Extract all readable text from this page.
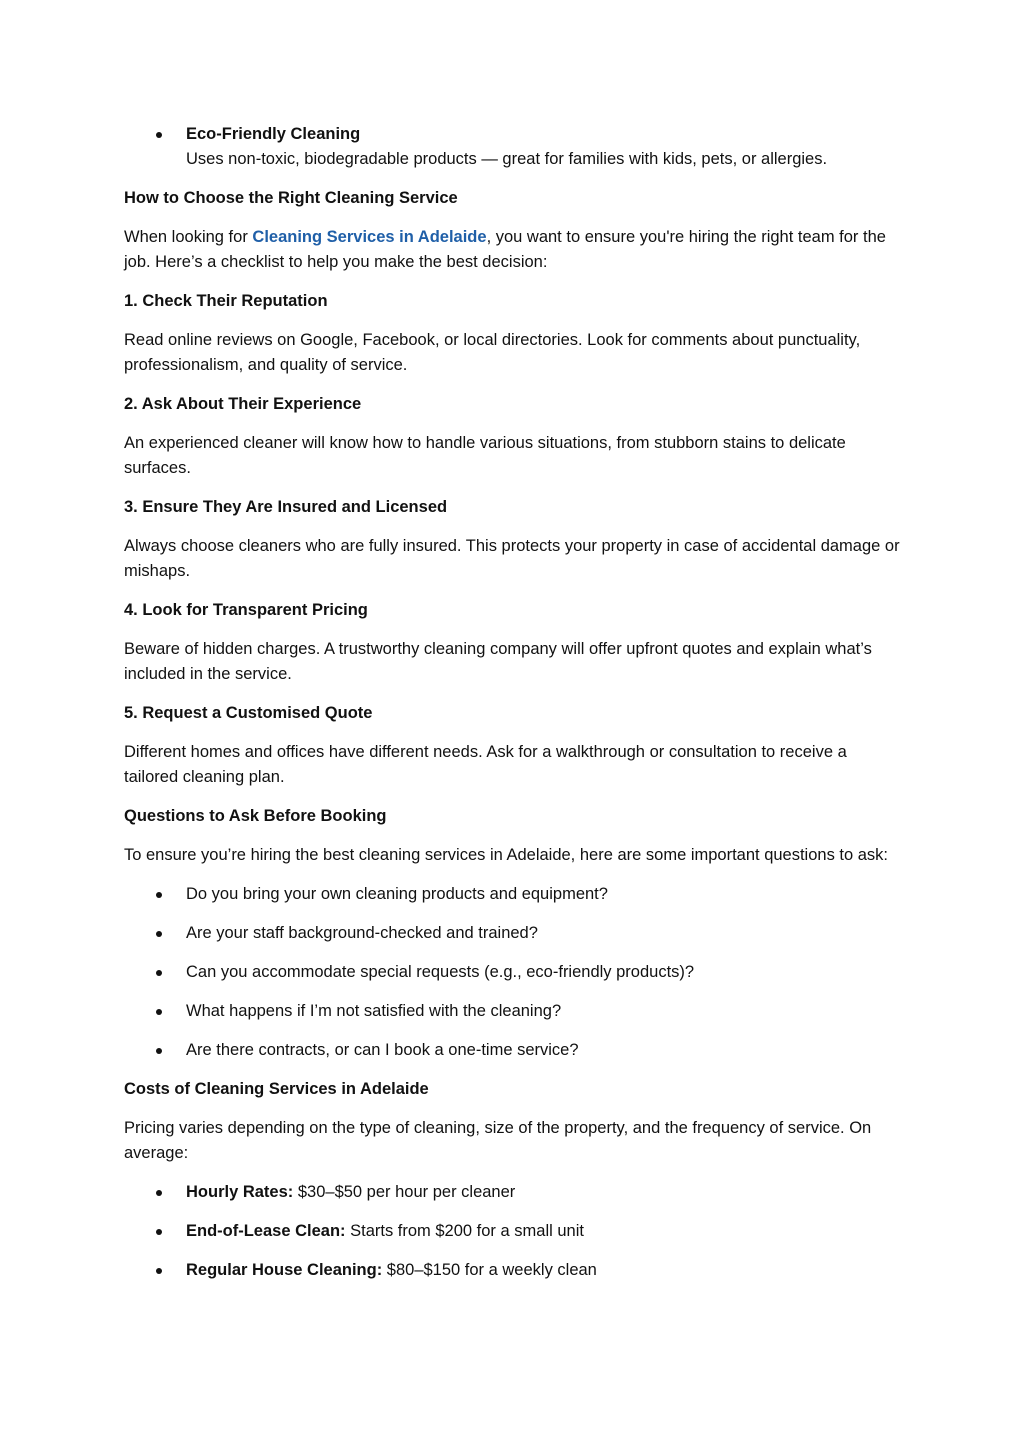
Eco-Friendly Cleaning
Uses non-toxic, biodegradable products — great for families with kids, pets, or allergies.

How to Choose the Right Cleaning Service

When looking for Cleaning Services in Adelaide, you want to ensure you're hiring the right team for the job. Here’s a checklist to help you make the best decision:

1. Check Their Reputation

Read online reviews on Google, Facebook, or local directories. Look for comments about punctuality, professionalism, and quality of service.

2. Ask About Their Experience

An experienced cleaner will know how to handle various situations, from stubborn stains to delicate surfaces.

3. Ensure They Are Insured and Licensed

Always choose cleaners who are fully insured. This protects your property in case of accidental damage or mishaps.

4. Look for Transparent Pricing

Beware of hidden charges. A trustworthy cleaning company will offer upfront quotes and explain what’s included in the service.

5. Request a Customised Quote

Different homes and offices have different needs. Ask for a walkthrough or consultation to receive a tailored cleaning plan.

Questions to Ask Before Booking

To ensure you’re hiring the best cleaning services in Adelaide, here are some important questions to ask:

Do you bring your own cleaning products and equipment?
Are your staff background-checked and trained?
Can you accommodate special requests (e.g., eco-friendly products)?
What happens if I’m not satisfied with the cleaning?
Are there contracts, or can I book a one-time service?

Costs of Cleaning Services in Adelaide

Pricing varies depending on the type of cleaning, size of the property, and the frequency of service. On average:

Hourly Rates: $30–$50 per hour per cleaner
End-of-Lease Clean: Starts from $200 for a small unit
Regular House Cleaning: $80–$150 for a weekly clean
